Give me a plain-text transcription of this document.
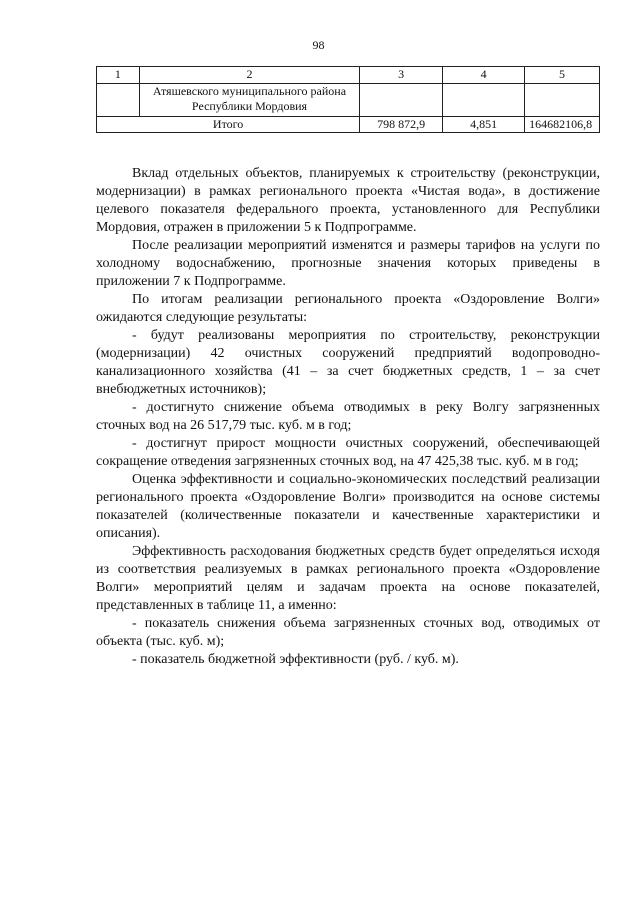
98
1	2	3	4	5
	Атяшевского муниципального района Республики Мордовия			
Итого		798 872,9	4,851	164682106,8

Вклад отдельных объектов, планируемых к строительству (реконструкции, модернизации) в рамках регионального проекта «Чистая вода», в достижение целевого показателя федерального проекта, установленного для Республики Мордовия, отражен в приложении 5 к Подпрограмме.

После реализации мероприятий изменятся и размеры тарифов на услуги по холодному водоснабжению, прогнозные значения которых приведены в приложении 7 к Подпрограмме.

По итогам реализации регионального проекта «Оздоровление Волги» ожидаются следующие результаты:

- будут реализованы мероприятия по строительству, реконструкции (модернизации) 42 очистных сооружений предприятий водопроводно-канализационного хозяйства (41 – за счет бюджетных средств, 1 – за счет внебюджетных источников);

- достигнуто снижение объема отводимых в реку Волгу загрязненных сточных вод на 26 517,79 тыс. куб. м в год;

- достигнут прирост мощности очистных сооружений, обеспечивающей сокращение отведения загрязненных сточных вод, на 47 425,38 тыс. куб. м в год;

Оценка эффективности и социально-экономических последствий реализации регионального проекта «Оздоровление Волги» производится на основе системы показателей (количественные показатели и качественные характеристики и описания).

Эффективность расходования бюджетных средств будет определяться исходя из соответствия реализуемых в рамках регионального проекта «Оздоровление Волги» мероприятий целям и задачам проекта на основе показателей, представленных в таблице 11, а именно:

- показатель снижения объема загрязненных сточных вод, отводимых от объекта (тыс. куб. м);

- показатель бюджетной эффективности (руб. / куб. м).
